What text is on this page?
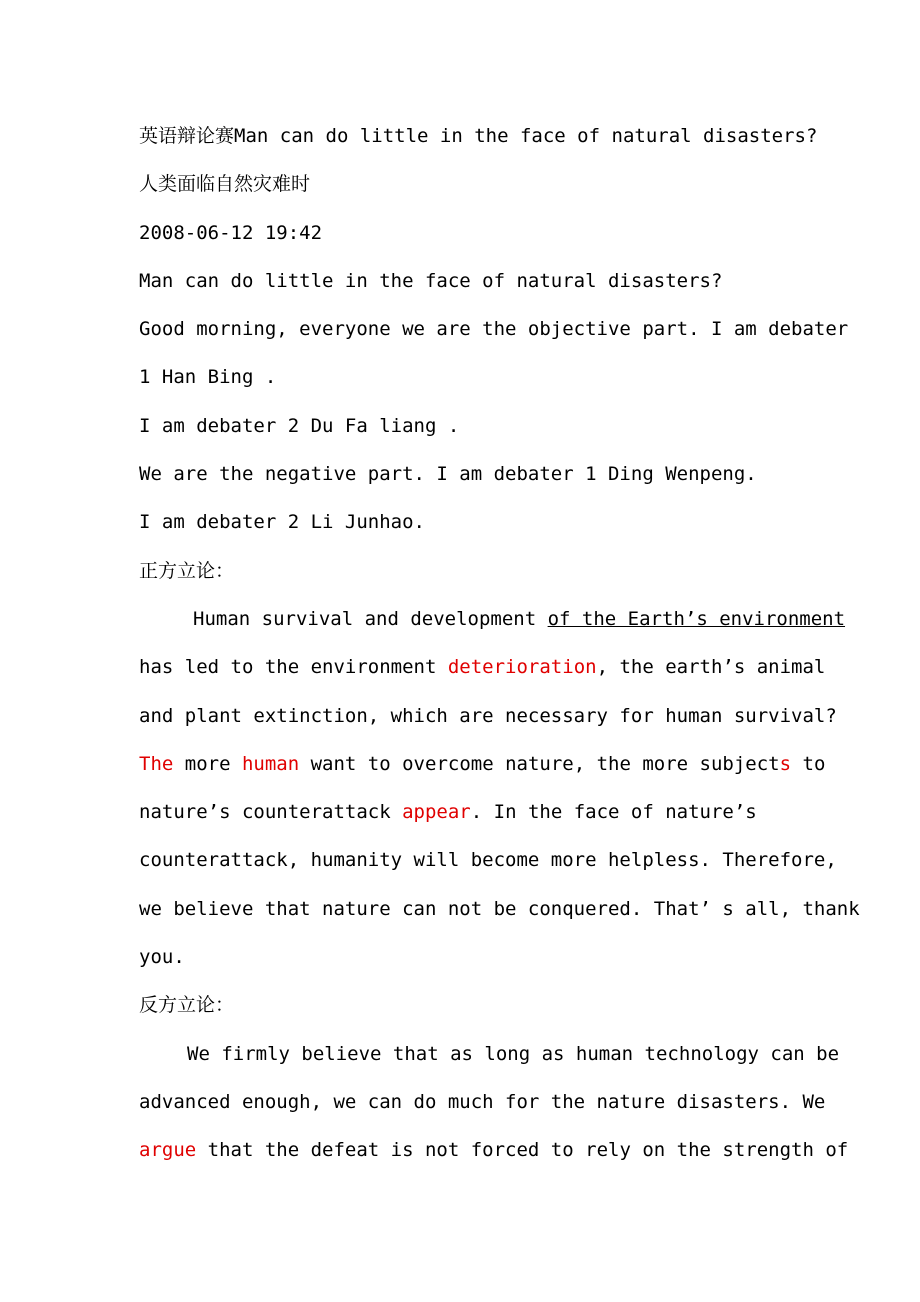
英语辩论赛Man can do little in the face of natural disasters?
人类面临自然灾难时
2008-06-12 19:42
Man can do little in the face of natural disasters?
Good morning, everyone we are the objective part. I am debater
1 Han Bing .
I am debater 2 Du Fa liang .
We are the negative part. I am debater 1 Ding Wenpeng.
I am debater 2 Li Junhao.
正方立论：
Human survival and development of the Earth’s environment
has led to the environment deterioration, the earth’s animal
and plant extinction, which are necessary for human survival?
The more human want to overcome nature, the more subjects to
nature’s counterattack appear. In the face of nature’s
counterattack, humanity will become more helpless. Therefore,
we believe that nature can not be conquered. That’ s all, thank
you.
反方立论：
We firmly believe that as long as human technology can be
advanced enough, we can do much for the nature disasters. We
argue that the defeat is not forced to rely on the strength of
